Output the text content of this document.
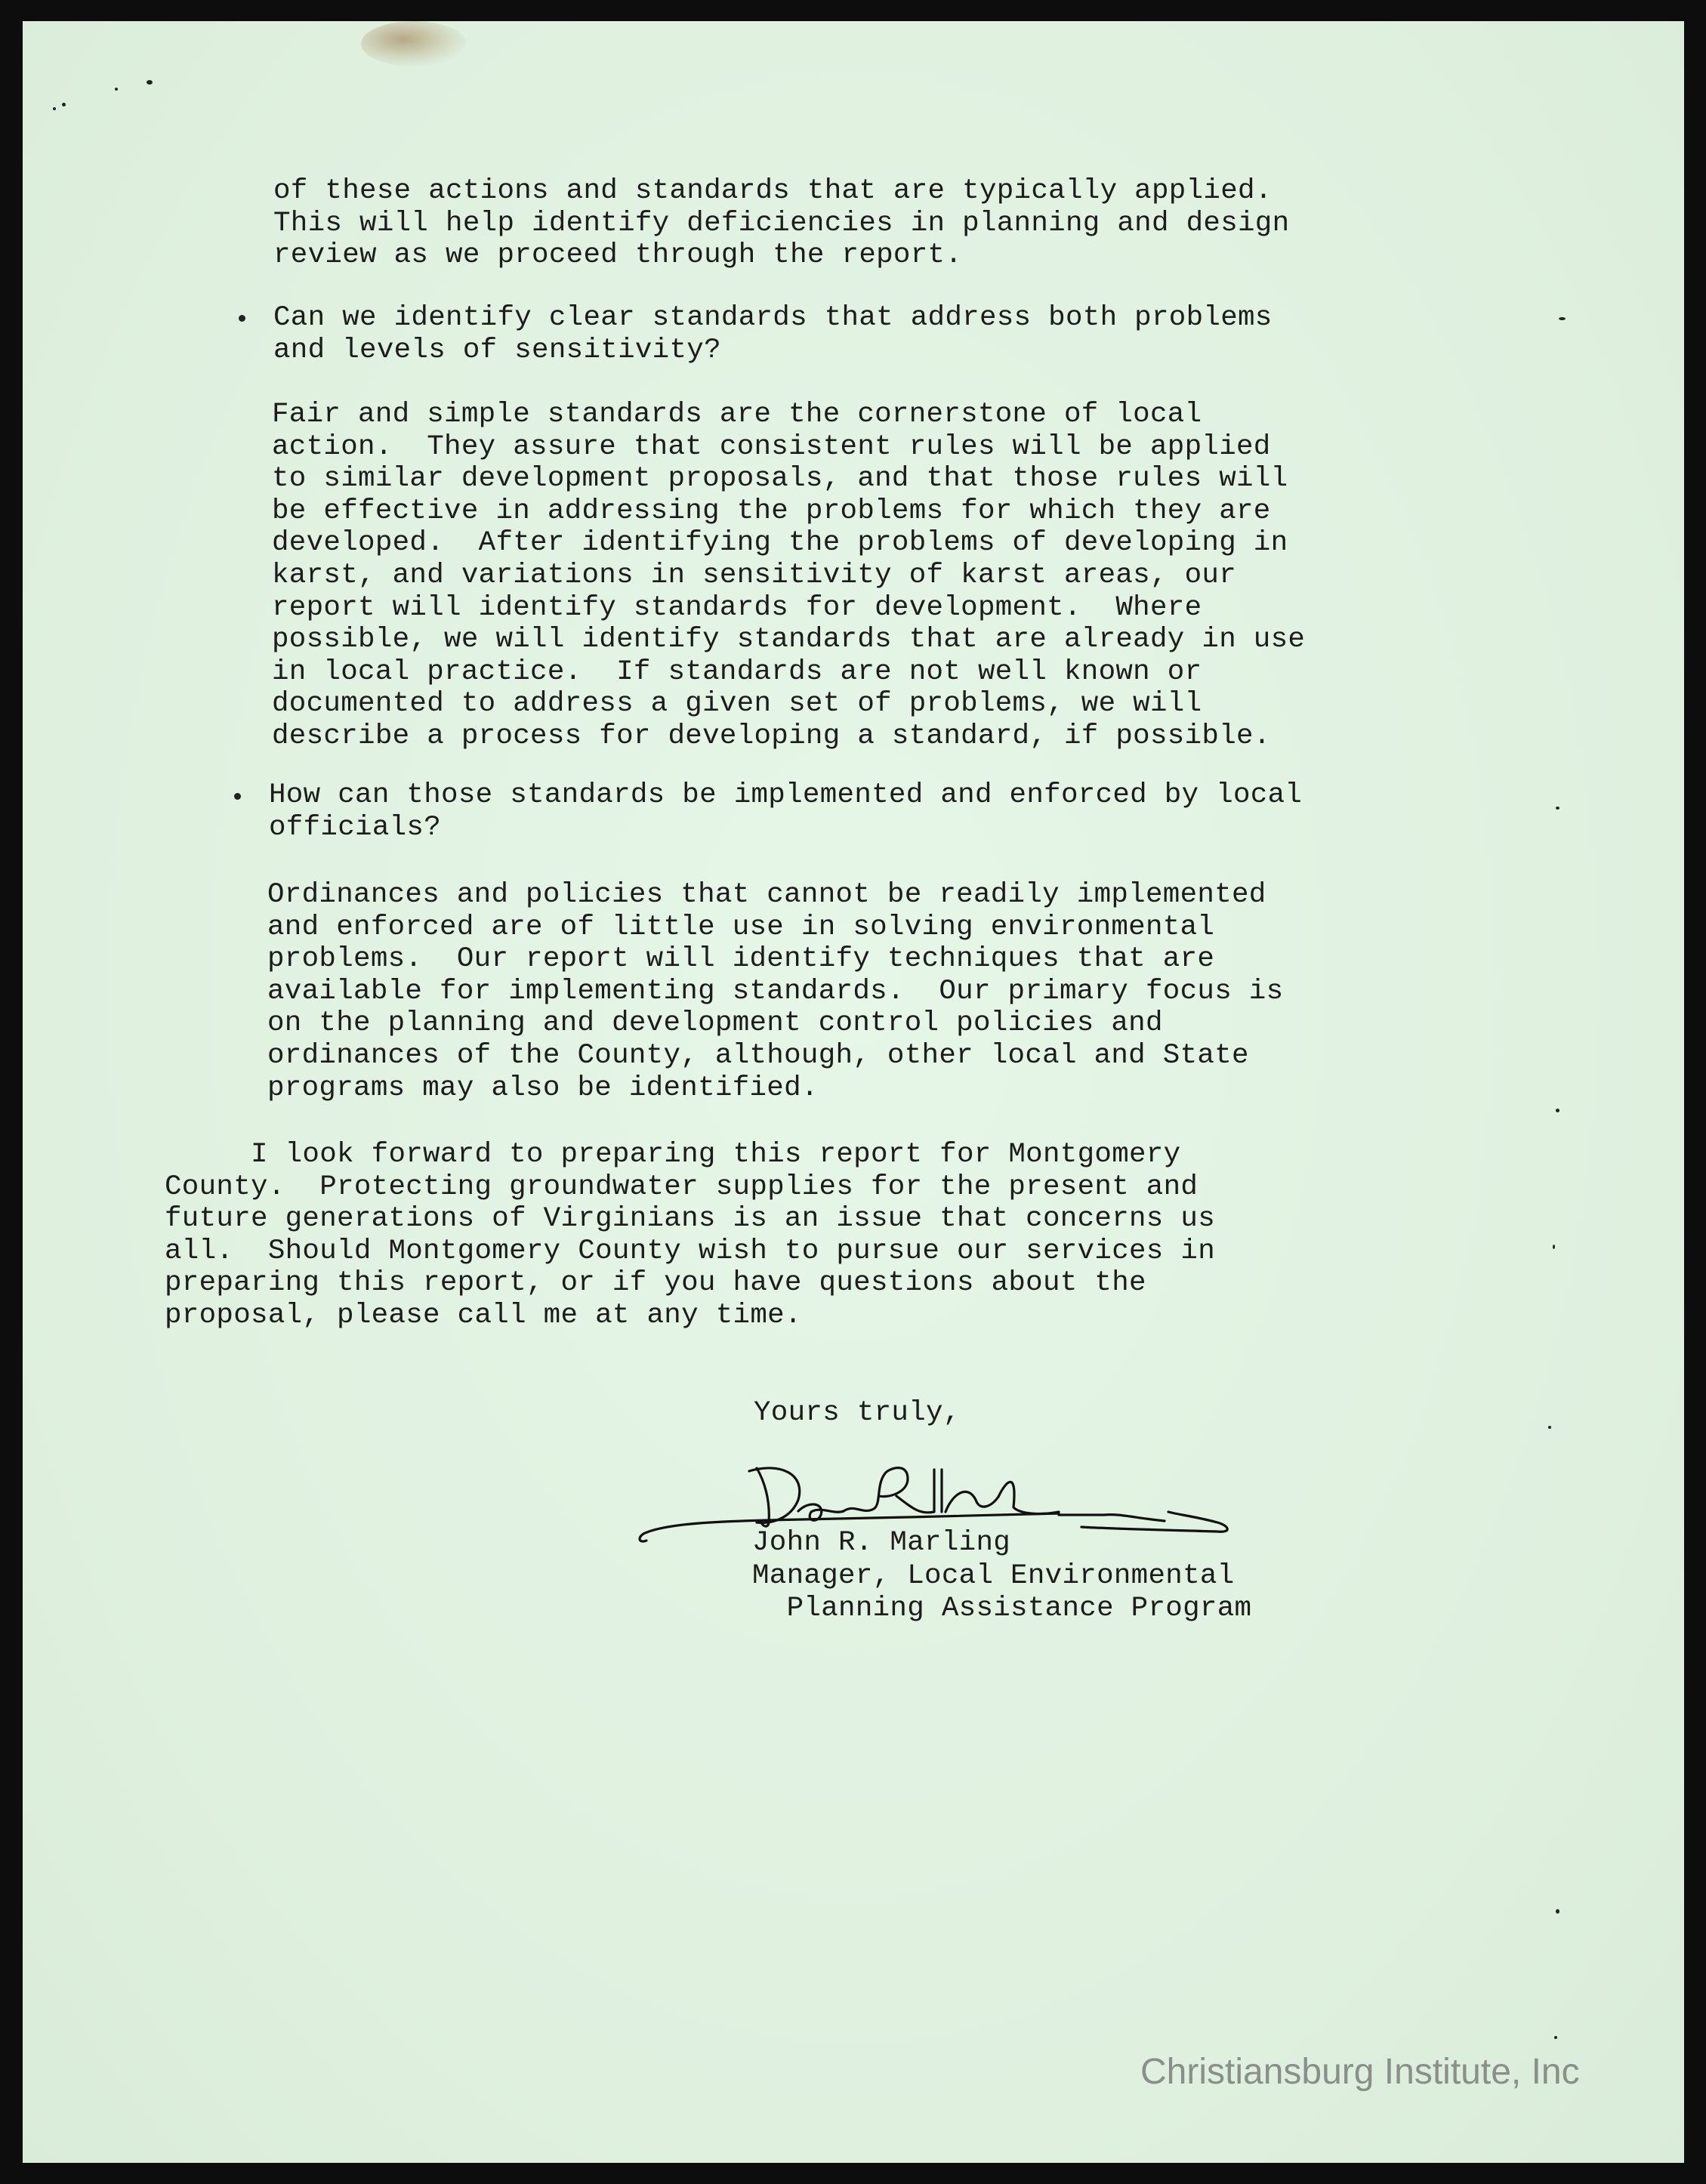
of these actions and standards that are typically applied.
This will help identify deficiencies in planning and design
review as we proceed through the report.
Can we identify clear standards that address both problems
and levels of sensitivity?
Fair and simple standards are the cornerstone of local
action.  They assure that consistent rules will be applied
to similar development proposals, and that those rules will
be effective in addressing the problems for which they are
developed.  After identifying the problems of developing in
karst, and variations in sensitivity of karst areas, our
report will identify standards for development.  Where
possible, we will identify standards that are already in use
in local practice.  If standards are not well known or
documented to address a given set of problems, we will
describe a process for developing a standard, if possible.
How can those standards be implemented and enforced by local
officials?
Ordinances and policies that cannot be readily implemented
and enforced are of little use in solving environmental
problems.  Our report will identify techniques that are
available for implementing standards.  Our primary focus is
on the planning and development control policies and
ordinances of the County, although, other local and State
programs may also be identified.
I look forward to preparing this report for Montgomery
County.  Protecting groundwater supplies for the present and
future generations of Virginians is an issue that concerns us
all.  Should Montgomery County wish to pursue our services in
preparing this report, or if you have questions about the
proposal, please call me at any time.
Yours truly,
John R. Marling
Manager, Local Environmental
Planning Assistance Program
Christiansburg Institute, Inc
